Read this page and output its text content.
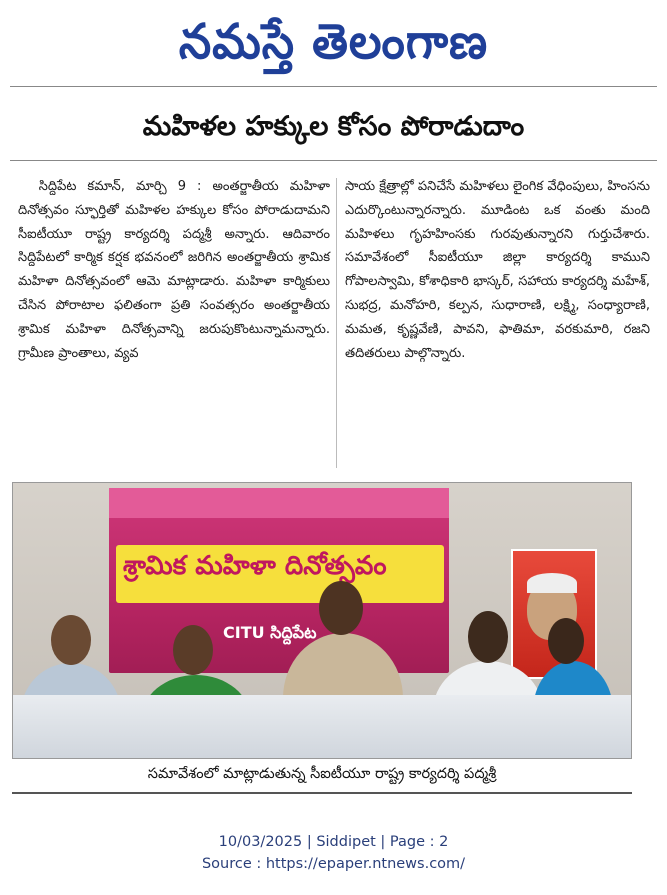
నమస్తే తెలంగాణ
మహిళల హక్కుల కోసం పోరాడుదాం

సిద్దిపేట కమాన్, మార్చి 9 : అంతర్జాతీయ మహిళా దినోత్సవం స్ఫూర్తితో మహిళల హక్కుల కోసం పోరాడుదామని సీఐటీయూ రాష్ట్ర కార్యదర్శి పద్మశ్రీ అన్నారు. ఆదివారం సిద్దిపేటలో కార్మిక కర్షక భవనంలో జరిగిన అంతర్జాతీయ శ్రామిక మహిళా దినోత్సవంలో ఆమె మాట్లాడారు. మహిళా కార్మికులు చేసిన పోరాటాల ఫలితంగా ప్రతి సంవత్సరం అంతర్జాతీయ శ్రామిక మహిళా దినోత్సవాన్ని జరుపుకొంటున్నామన్నారు. గ్రామీణ ప్రాంతాలు, వ్యవ

సాయ క్షేత్రాల్లో పనిచేసే మహిళలు లైంగిక వేధింపులు, హింసను ఎదుర్కొంటున్నారన్నారు. మూడింట ఒక వంతు మంది మహిళలు గృహహింసకు గురవుతున్నారని గుర్తుచేశారు. సమావేశంలో సీఐటీయూ జిల్లా కార్యదర్శి కాముని గోపాలస్వామి, కోశాధికారి భాస్కర్, సహాయ కార్యదర్శి మహేశ్, సుభద్ర, మనోహరి, కల్పన, సుధారాణి, లక్ష్మి, సంధ్యారాణి, మమత, కృష్ణవేణి, పావని, ఫాతిమా, వరకుమారి, రజని తదితరులు పాల్గొన్నారు.

శ్రామిక మహిళా దినోత్సవం
CITU సిద్దిపేట
సమావేశంలో మాట్లాడుతున్న సీఐటీయూ రాష్ట్ర కార్యదర్శి పద్మశ్రీ
10/03/2025 | Siddipet | Page : 2
Source : https://epaper.ntnews.com/
